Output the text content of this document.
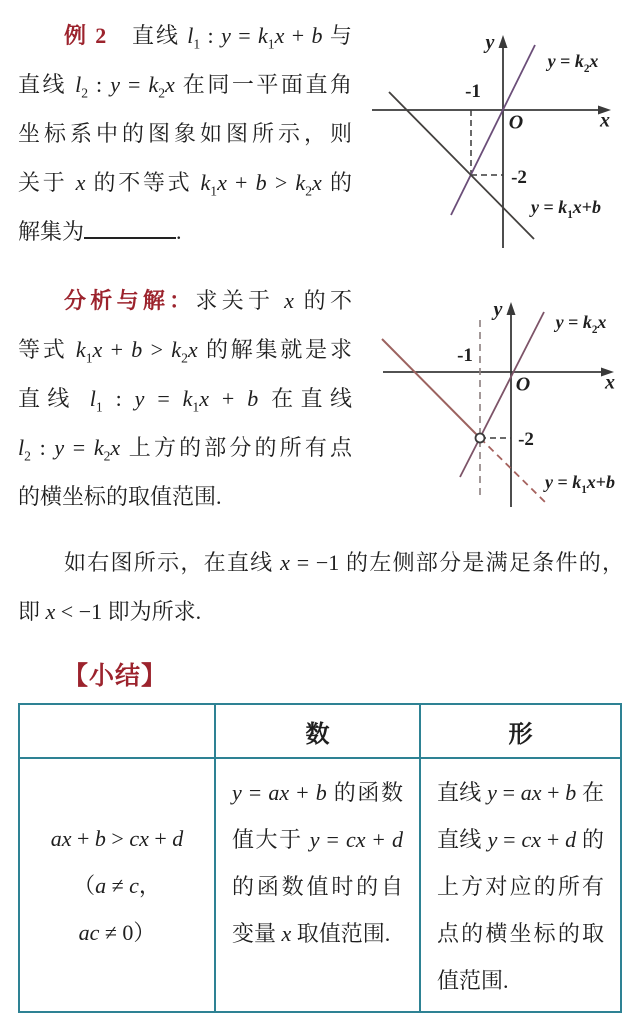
例 2　直线 $l_1$ : $y = k_1x + b$ 与
直线 $l_2$ : $y = k_2x$ 在同一平面直角
坐标系中的图象如图所示，则
关于 x 的不等式 $k_1x + b > k_2x$ 的
解集为	.
y
x
O
-1
-2
$y = k_2x$
$y = k_1x+b$
分析与解：求关于 x 的不
等式 $k_1x + b > k_2x$ 的解集就是求
直线 $l_1$ : $y = k_1x + b$ 在直线
$l_2$ : $y = k_2x$ 上方的部分的所有点
的横坐标的取值范围.
y
x
O
-1
-2
$y = k_2x$
$y = k_1x+b$
如右图所示，在直线 x = −1 的左侧部分是满足条件的，
即 x < −1 即为所求.
【小结】
数	形
ax + b > cx + d
（a ≠ c，
ac ≠ 0）
y = ax + b 的函数
值大于 y = cx + d
的函数值时的自
变量 x 取值范围.
直线 y = ax + b 在
直线 y = cx + d 的
上方对应的所有
点的横坐标的取
值范围.
